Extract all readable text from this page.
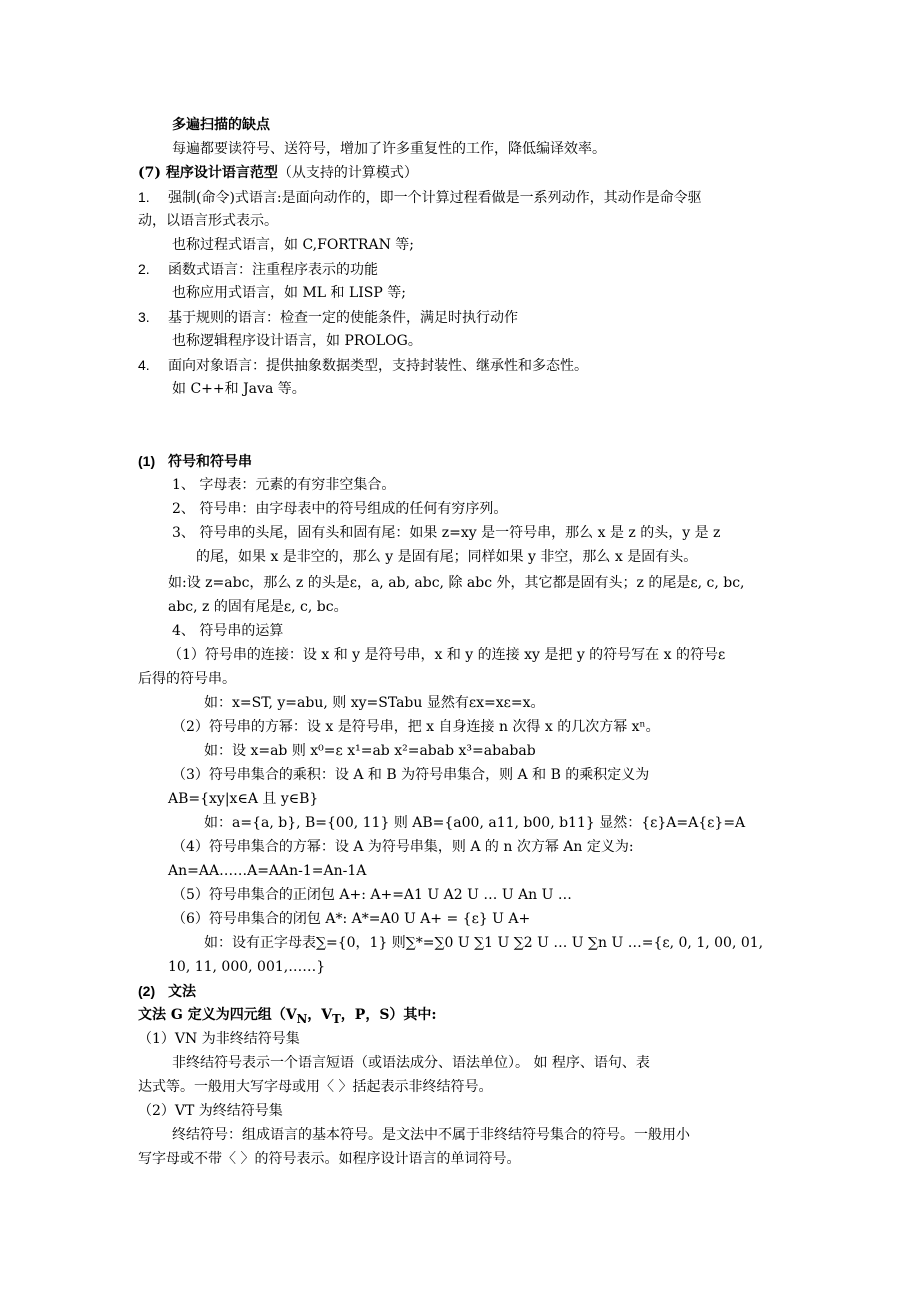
多遍扫描的缺点
每遍都要读符号、送符号，增加了许多重复性的工作，降低编译效率。
(7) 程序设计语言范型（从支持的计算模式）
1. 强制(命令)式语言:是面向动作的，即一个计算过程看做是一系列动作，其动作是命令驱
动，以语言形式表示。
也称过程式语言，如 C,FORTRAN 等;
2. 函数式语言：注重程序表示的功能
也称应用式语言，如 ML 和 LISP 等;
3. 基于规则的语言：检查一定的使能条件，满足时执行动作
也称逻辑程序设计语言，如 PROLOG。
4. 面向对象语言：提供抽象数据类型，支持封装性、继承性和多态性。
如 C++和 Java 等。
(1) 符号和符号串
1、 字母表：元素的有穷非空集合。
2、 符号串：由字母表中的符号组成的任何有穷序列。
3、 符号串的头尾，固有头和固有尾：如果 z=xy 是一符号串，那么 x 是 z 的头，y 是 z
的尾，如果 x 是非空的，那么 y 是固有尾；同样如果 y 非空，那么 x 是固有头。
如:设 z=abc，那么 z 的头是ε，a, ab, abc, 除 abc 外，其它都是固有头；z 的尾是ε, c, bc,
abc, z 的固有尾是ε, c, bc。
4、 符号串的运算
（1）符号串的连接：设 x 和 y 是符号串，x 和 y 的连接 xy 是把 y 的符号写在 x 的符号ε
后得的符号串。
如：x=ST, y=abu, 则 xy=STabu 显然有εx=xε=x。
（2）符号串的方幂：设 x 是符号串，把 x 自身连接 n 次得 x 的几次方幂 xⁿ。
如：设 x=ab 则 x⁰=ε x¹=ab x²=abab x³=ababab
（3）符号串集合的乘积：设 A 和 B 为符号串集合，则 A 和 B 的乘积定义为
AB={xy|x∈A 且 y∈B}
如：a={a, b}, B={00, 11} 则 AB={a00, a11, b00, b11} 显然：{ε}A=A{ε}=A
（4）符号串集合的方幂：设 A 为符号串集，则 A 的 n 次方幂 An 定义为:
An=AA……A=AAn-1=An-1A
（5）符号串集合的正闭包 A+: A+=A1 U A2 U … U An U …
（6）符号串集合的闭包 A*: A*=A0 U A+ = {ε} U A+
如：设有正字母表∑={0，1} 则∑*=∑0 U ∑1 U ∑2 U … U ∑n U …={ε, 0, 1, 00, 01,
10, 11, 000, 001,……}
(2) 文法
文法 G 定义为四元组（$V_N$，$V_T$，P，S）其中:
（1）VN 为非终结符号集
非终结符号表示一个语言短语（或语法成分、语法单位）。 如 程序、语句、表
达式等。一般用大写字母或用〈 〉括起表示非终结符号。
（2）VT 为终结符号集
终结符号：组成语言的基本符号。是文法中不属于非终结符号集合的符号。一般用小
写字母或不带〈 〉的符号表示。如程序设计语言的单词符号。
